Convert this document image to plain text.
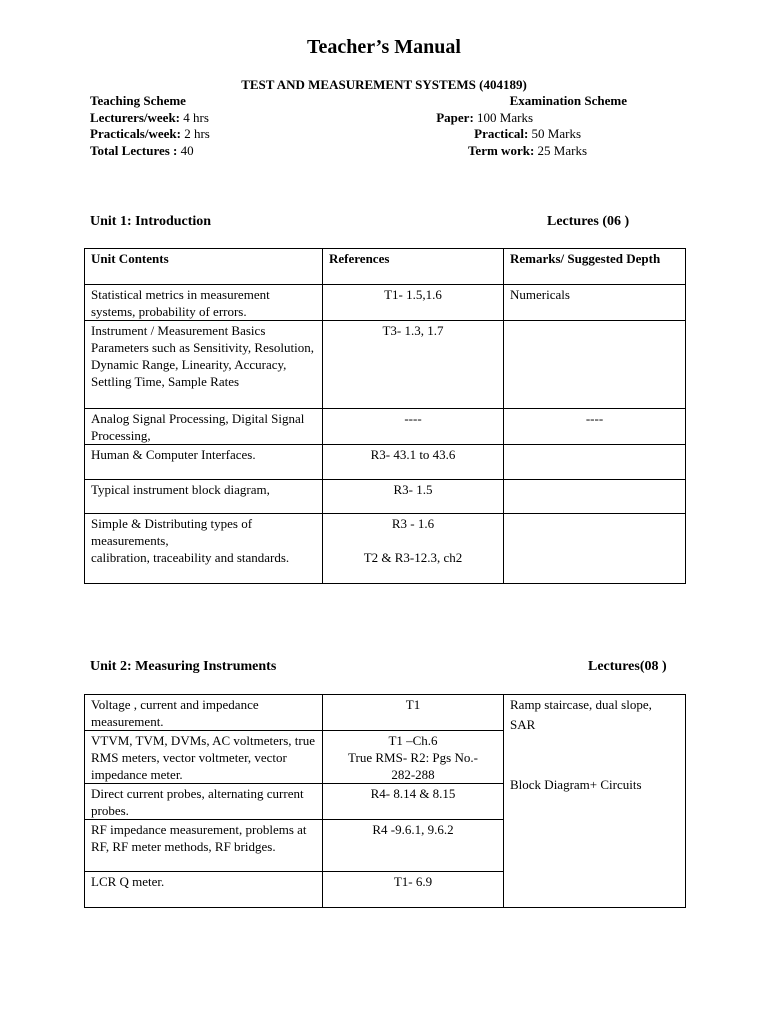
Teacher’s Manual
TEST AND MEASUREMENT SYSTEMS (404189)
Teaching Scheme
Lecturers/week: 4 hrs
Practicals/week: 2 hrs
Total Lectures : 40
Examination Scheme
Paper: 100 Marks
Practical: 50 Marks
Term work: 25 Marks
Unit 1: Introduction	Lectures (06 )
Unit Contents	References	Remarks/ Suggested Depth
Statistical metrics in measurement systems, probability of errors.	T1- 1.5,1.6	Numericals
Instrument / Measurement Basics Parameters such as Sensitivity, Resolution, Dynamic Range, Linearity, Accuracy, Settling Time, Sample Rates	T3- 1.3, 1.7	
Analog Signal Processing, Digital Signal Processing,	----	----
Human & Computer Interfaces.	R3- 43.1 to 43.6	
Typical instrument block diagram,	R3- 1.5	
Simple & Distributing types of measurements,
calibration, traceability and standards.	R3 - 1.6

T2 & R3-12.3, ch2	
Unit 2: Measuring Instruments	Lectures(08 )
Voltage , current and impedance measurement.	T1	Ramp staircase, dual slope, SAR
Block Diagram+ Circuits

VTVM, TVM, DVMs, AC voltmeters, true RMS meters, vector voltmeter, vector impedance meter.	T1 –Ch.6
True RMS- R2: Pgs No.-
282-288	
Direct current probes, alternating current probes.	R4- 8.14 & 8.15	
RF impedance measurement, problems at RF, RF meter methods, RF bridges.	R4 -9.6.1, 9.6.2	
LCR Q meter.	T1- 6.9	
